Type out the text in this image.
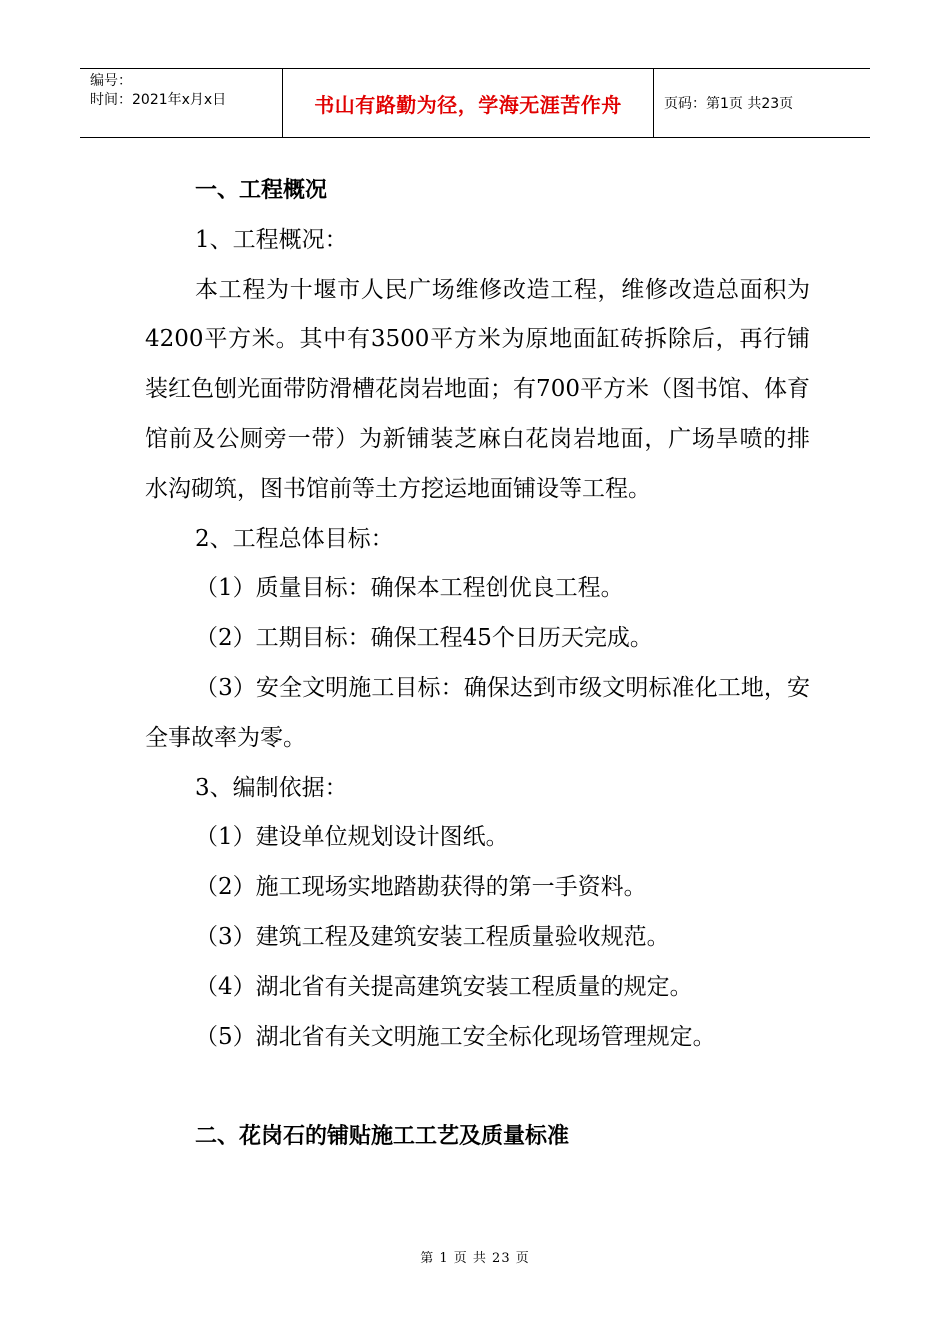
编号：
时间：2021年x月x日	书山有路勤为径，学海无涯苦作舟	页码：第1页 共23页

一、工程概况

1、工程概况：

本工程为十堰市人民广场维修改造工程，维修改造总面积为4200平方米。其中有3500平方米为原地面缸砖拆除后，再行铺装红色刨光面带防滑槽花岗岩地面；有700平方米（图书馆、体育馆前及公厕旁一带）为新铺装芝麻白花岗岩地面，广场旱喷的排水沟砌筑，图书馆前等土方挖运地面铺设等工程。

2、工程总体目标：

（1）质量目标：确保本工程创优良工程。

（2）工期目标：确保工程45个日历天完成。

（3）安全文明施工目标：确保达到市级文明标准化工地，安全事故率为零。

3、编制依据：

（1）建设单位规划设计图纸。

（2）施工现场实地踏勘获得的第一手资料。

（3）建筑工程及建筑安装工程质量验收规范。

（4）湖北省有关提高建筑安装工程质量的规定。

（5）湖北省有关文明施工安全标化现场管理规定。

二、花岗石的铺贴施工工艺及质量标准

第 1 页 共 23 页
